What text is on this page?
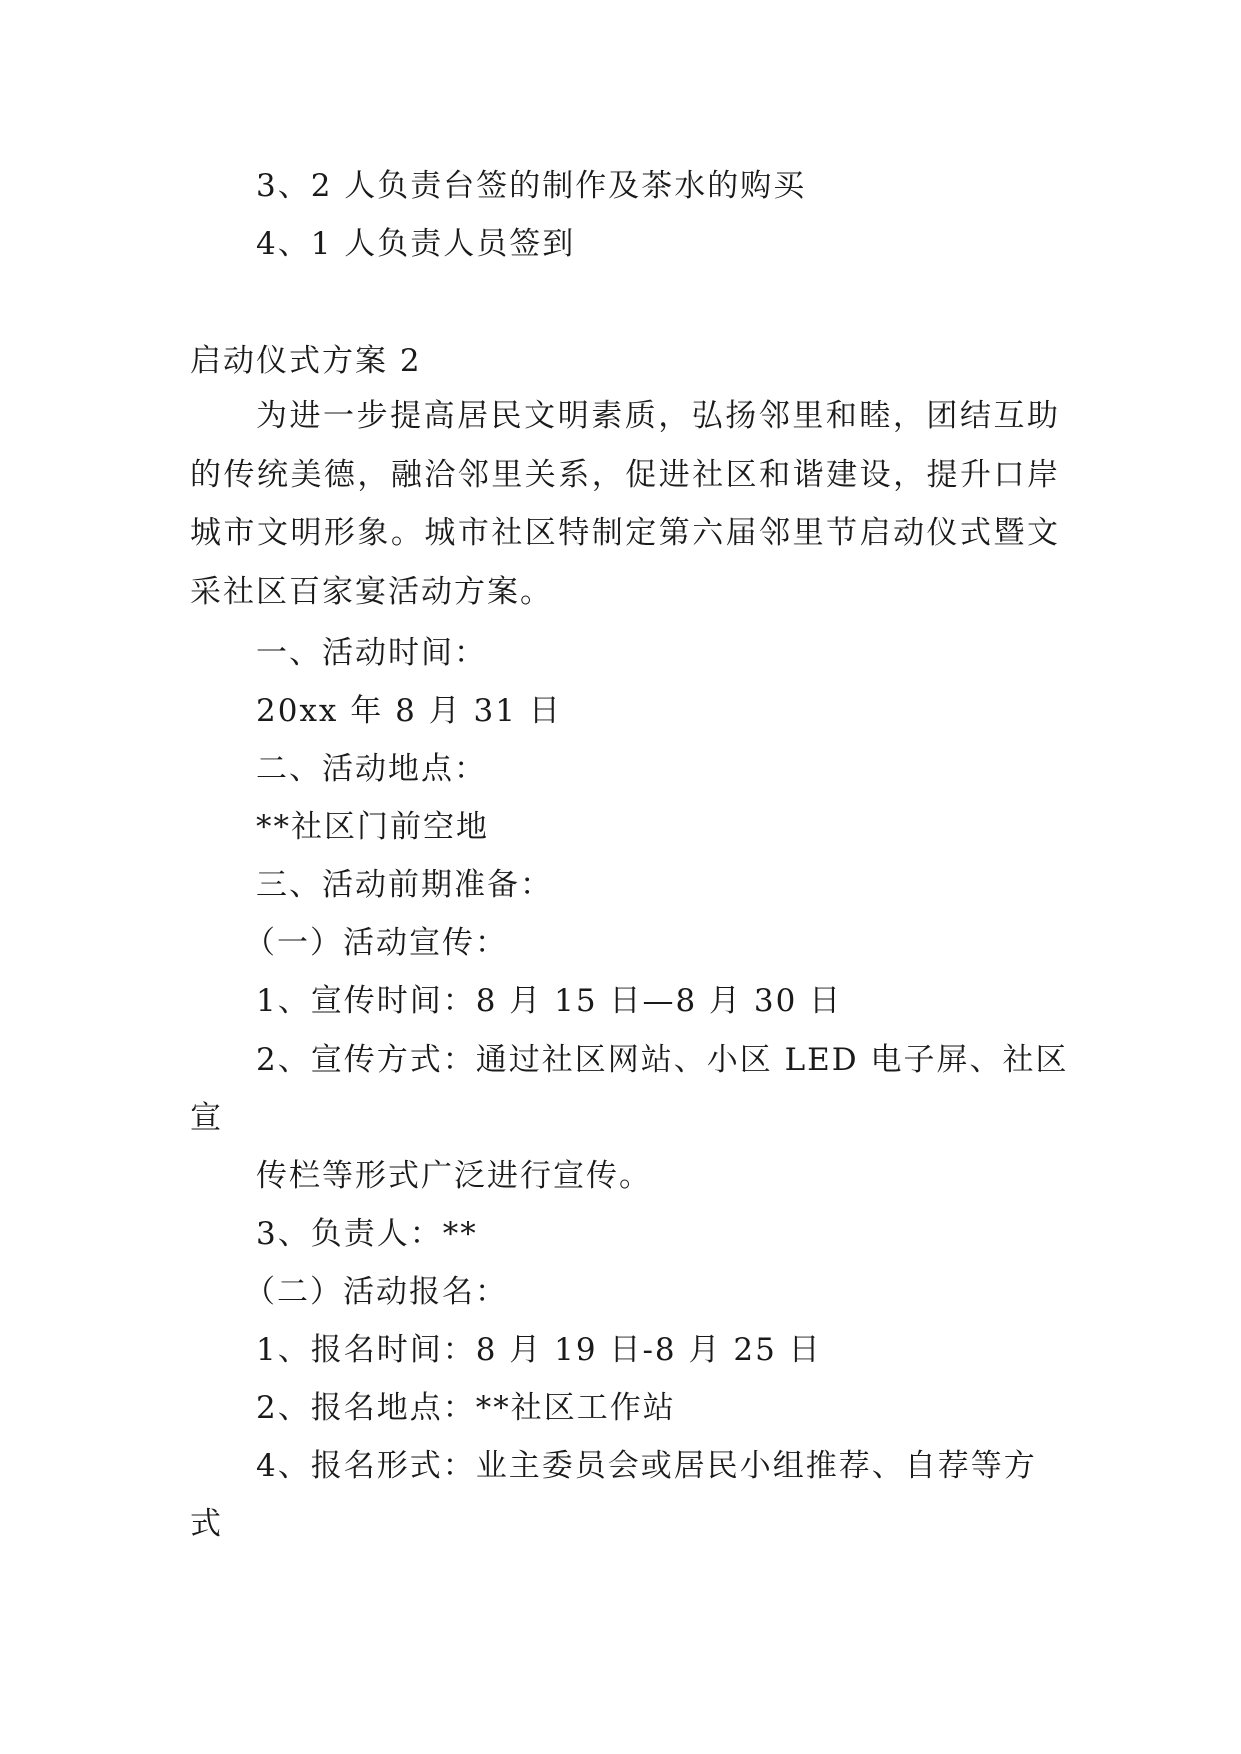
3、2 人负责台签的制作及茶水的购买
4、1 人负责人员签到
启动仪式方案 2
为进一步提高居民文明素质，弘扬邻里和睦，团结互助的传统美德，融洽邻里关系，促进社区和谐建设，提升口岸城市文明形象。城市社区特制定第六届邻里节启动仪式暨文采社区百家宴活动方案。
一、活动时间：
20xx 年 8 月 31 日
二、活动地点：
**社区门前空地
三、活动前期准备：
（一）活动宣传：
1、宣传时间：8 月 15 日—8 月 30 日
2、宣传方式：通过社区网站、小区 LED 电子屏、社区
宣
传栏等形式广泛进行宣传。
3、负责人：**
（二）活动报名：
1、报名时间：8 月 19 日-8 月 25 日
2、报名地点：**社区工作站
4、报名形式：业主委员会或居民小组推荐、自荐等方
式
